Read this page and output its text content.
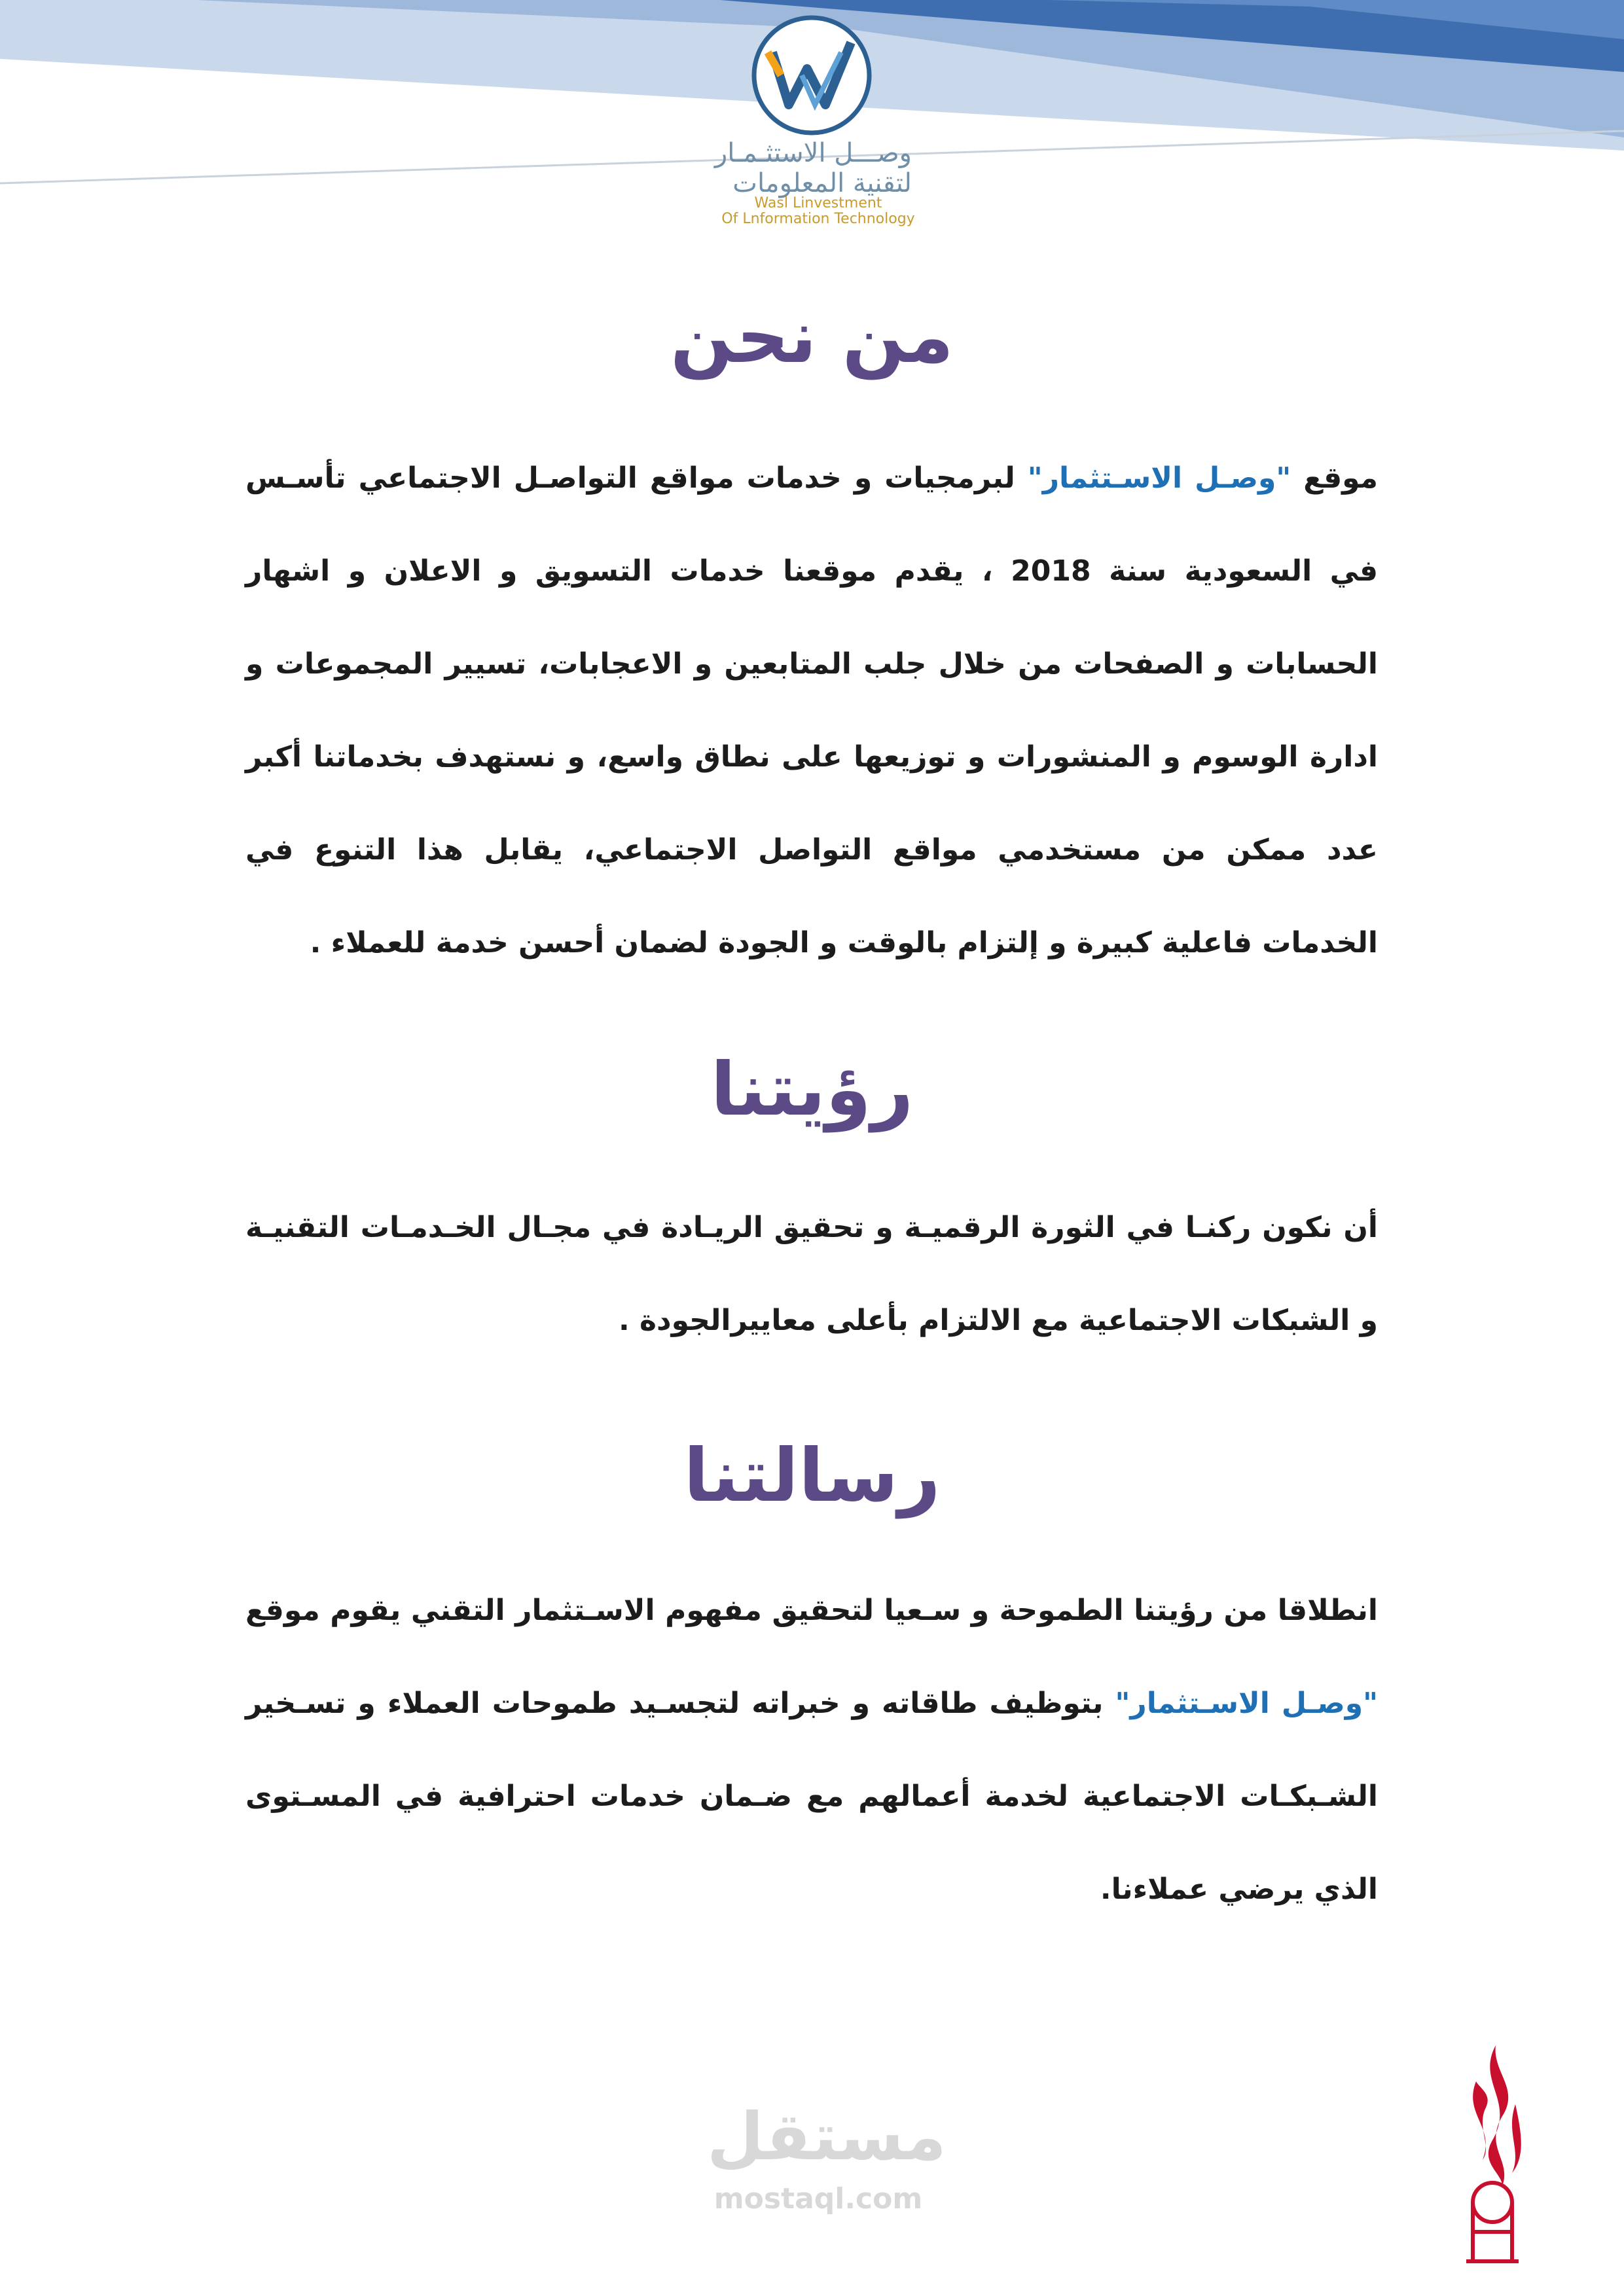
وصـــل الاستثـمـار
لتقنية المعلومات
Wasl Linvestment
Of Lnformation Technology
من نحن
موقع "وصـل الاسـتثمار" لبرمجيات و خدمات مواقع التواصـل الاجتماعي تأسـس في السعودية سنة 2018 ، يقدم موقعنا خدمات التسويق و الاعلان و اشهار الحسابات و الصفحات من خلال جلب المتابعين و الاعجابات، تسيير المجموعات و ادارة الوسوم و المنشورات و توزيعها على نطاق واسع، و نستهدف بخدماتنا أكبر عدد ممكن من مستخدمي مواقع التواصل الاجتماعي، يقابل هذا التنوع في الخدمات فاعلية كبيرة و إلتزام بالوقت و الجودة لضمان أحسن خدمة للعملاء .
رؤيتنا
أن نكون ركنـا في الثورة الرقميـة و تحقيق الريـادة في مجـال الخـدمـات التقنيـة و الشبكات الاجتماعية مع الالتزام بأعلى معاييرالجودة .
رسالتنا
انطلاقا من رؤيتنا الطموحة و سـعيا لتحقيق مفهوم الاسـتثمار التقني يقوم موقع "وصـل الاسـتثمار" بتوظيف طاقاته و خبراته لتجسـيد طموحات العملاء و تسـخير الشـبكـات الاجتماعية لخدمة أعمالهم مع ضـمان خدمات احترافية في المسـتوى الذي يرضي عملاءنا.
مستقل
mostaql.com
